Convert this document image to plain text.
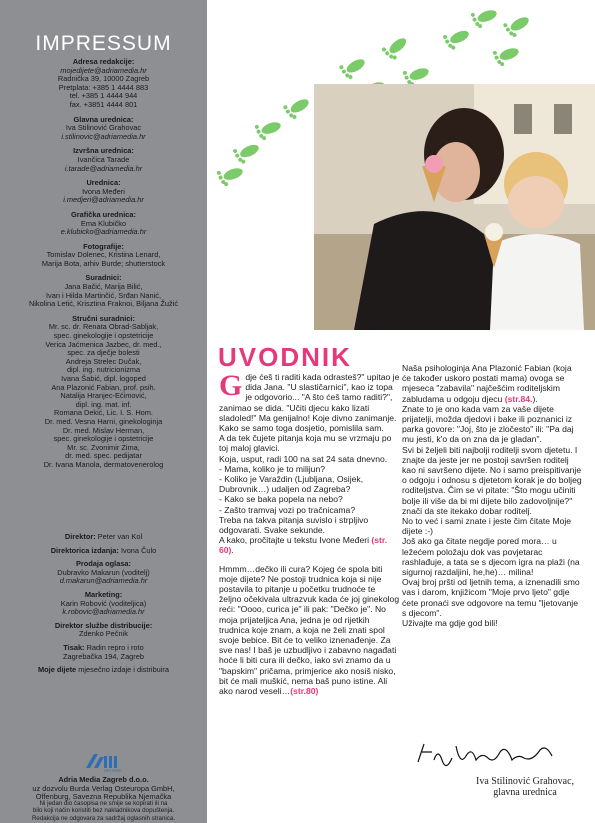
IMPRESSUM
Adresa redakcije:
mojedijete@adriamedia.hr
Radnička 39, 10000 Zagreb
Pretplata: +385 1 4444 883
tel. +385 1 4444 944
fax. +3851 4444 801
Glavna urednica:
Iva Stilinović Grahovac
i.stilinovic@adriamedia.hr
Izvršna urednica:
Ivančica Tarade
i.tarade@adriamedia.hr
Urednica:
Ivona Međeri
i.medjeri@adriamedia.hr
Grafička urednica:
Ema Klubičko
e.klubicko@adriamedia.hr
Fotografije:
Tomislav Dolenec, Kristina Lenard,
Marija Bota, arhiv Burde; shutterstock
Suradnici:
Jana Bačić, Marija Bilić,
Ivan i Hilda Martinčić, Srđan Nanić,
Nikolina Letić, Krisztina Fraknoi, Biljana Žužić
Stručni suradnici:
Mr. sc. dr. Renata Obrad-Sabljak,
spec. ginekologije i opstetricije
Verica Jaćmenica Jazbec, dr. med.,
spec. za dječje bolesti
Andreja Strelec Dučak,
dipl. ing. nutricionizma
Ivana Šabić, dipl. logoped
Ana Plazonić Fabian, prof. psih.
Natalija Hranjec-Ećimović,
dipl. ing. mat. inf.
Romana Dekić, Lic. I. S. Hom.
Dr. med. Vesna Harni, ginekologinja
Dr. med. Mislav Herman,
spec. ginekologije i opstetricije
Mr. sc. Zvonimir Zima,
dr. med. spec. pedijatar
Dr. Ivana Manola, dermatovenerolog
Direktor: Peter van Kol
Direktorica izdanja: Ivona Čulo
Prodaja oglasa:
Dubravko Makarun (voditelj)
d.makarun@adriamedia.hr
Marketing:
Karin Robović (voditeljica)
k.robovic@adriamedia.hr
Direktor službe distribucije:
Zdenko Pečnik
Tisak: Radin repro i roto
Zagrebačka 194, Zagreb
Moje dijete mjesečno izdaje i distribuira
adria media
Adria Media Zagreb d.o.o.
uz dozvolu Burda Verlag Osteuropa GmbH,
Offenburg, Savezna Republika Njemačka
Ni jedan dio časopisa ne smije se kopirati ili na
bilo koji način koristiti bez nakladnikova dopuštenja.
Redakcija ne odgovara za sadržaj oglasnih stranica.
UVODNIK

Gdje ćeš ti raditi kada odrasteš?" upitao je dida Jana. "U slastičarnici", kao iz topa je odgovorio... "A što ćeš tamo raditi?", zanimao se dida. "Učiti djecu kako lizati sladoled!" Ma genijalno! Koje divno zanimanje. Kako se samo toga dosjetio, pomislila sam.

A da tek čujete pitanja koja mu se vrzmaju po toj maloj glavici.

Koja, usput, radi 100 na sat 24 sata dnevno.

- Mama, koliko je to milijun?

- Koliko je Varaždin (Ljubljana, Osijek, Dubrovnik…) udaljen od Zagreba?

- Kako se baka popela na nebo?

- Zašto tramvaj vozi po tračnicama?

Treba na takva pitanja suvislo i strpljivo odgovarati. Svake sekunde.

A kako, pročitajte u tekstu Ivone Međeri (str. 60).

Hmmm…dečko ili cura? Kojeg će spola biti moje dijete? Ne postoji trudnica koja si nije postavila to pitanje u početku trudnoće te željno očekivala ultrazvuk kada će joj ginekolog reći: "Oooo, curica je" ili pak: "Dečko je". No moja prijateljica Ana, jedna je od rijetkih trudnica koje znam, a koja ne želi znati spol svoje bebice. Bit će to veliko iznenađenje. Za sve nas! I baš je uzbudljivo i zabavno nagađati hoće li biti cura ili dečko, iako svi znamo da u "bapskim" pričama, primjerice ako nosiš nisko, bit će mali muškić, nema baš puno istine. Ali ako narod veseli…(str.80)

Naša psihologinja Ana Plazonić Fabian (koja će također uskoro postati mama) ovoga se mjeseca "zabavila" najčešćim roditeljskim zabludama u odgoju djecu (str.84.).

Znate to je ono kada vam za vaše dijete prijatelji, možda djedovi i bake ili poznanici iz parka govore: "Joj, što je zločesto" ili: "Pa daj mu jesti, k'o da on zna da je gladan".

Svi bi željeli biti najbolji roditelji svom djetetu. I znajte da jeste jer ne postoji savršen roditelj kao ni savršeno dijete. No i samo preispitivanje o odgoju i odnosu s djetetom korak je do boljeg roditeljstva. Čim se vi pitate: "Što mogu učiniti bolje ili više da bi mi dijete bilo zadovoljnije?" znači da ste itekako dobar roditelj.

No to već i sami znate i jeste čim čitate Moje dijete :-)

Još ako ga čitate negdje pored mora… u ležećem položaju dok vas povjetarac rashlađuje, a tata se s djecom igra na plaži (na sigurnoj razdaljini, he,he)… milina!

Ovaj broj pršti od ljetnih tema, a iznenadili smo vas i darom, knjižicom "Moje prvo ljeto" gdje ćete pronaći sve odgovore na temu "ljetovanje s djecom".

Uživajte ma gdje god bili!

Iva Stilinović Grahovac,
glavna urednica
